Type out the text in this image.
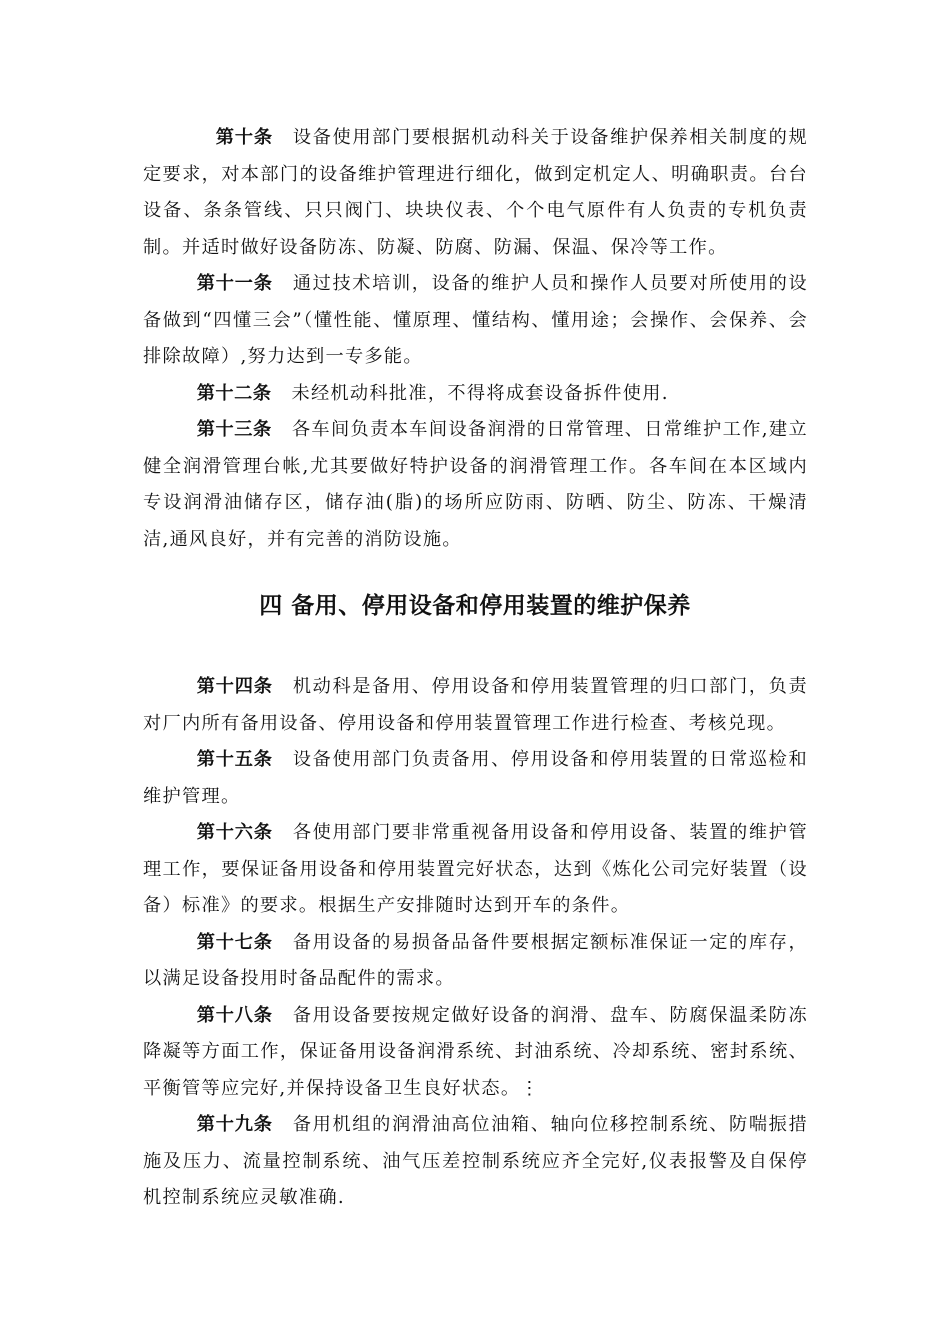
第十条 设备使用部门要根据机动科关于设备维护保养相关制度的规定要求，对本部门的设备维护管理进行细化，做到定机定人、明确职责。台台设备、条条管线、只只阀门、块块仪表、个个电气原件有人负责的专机负责制。并适时做好设备防冻、防凝、防腐、防漏、保温、保冷等工作。

第十一条 通过技术培训，设备的维护人员和操作人员要对所使用的设备做到“四懂三会”（懂性能、懂原理、懂结构、懂用途；会操作、会保养、会排除故障）,努力达到一专多能。

第十二条 未经机动科批准，不得将成套设备拆件使用.

第十三条 各车间负责本车间设备润滑的日常管理、日常维护工作,建立健全润滑管理台帐,尤其要做好特护设备的润滑管理工作。各车间在本区域内专设润滑油储存区，储存油(脂)的场所应防雨、防晒、防尘、防冻、干燥清洁,通风良好，并有完善的消防设施。

四 备用、停用设备和停用装置的维护保养

第十四条 机动科是备用、停用设备和停用装置管理的归口部门，负责对厂内所有备用设备、停用设备和停用装置管理工作进行检查、考核兑现。

第十五条 设备使用部门负责备用、停用设备和停用装置的日常巡检和维护管理。

第十六条 各使用部门要非常重视备用设备和停用设备、装置的维护管理工作，要保证备用设备和停用装置完好状态，达到《炼化公司完好装置（设备）标准》的要求。根据生产安排随时达到开车的条件。

第十七条 备用设备的易损备品备件要根据定额标准保证一定的库存，以满足设备投用时备品配件的需求。

第十八条 备用设备要按规定做好设备的润滑、盘车、防腐保温柔防冻降凝等方面工作，保证备用设备润滑系统、封油系统、冷却系统、密封系统、平衡管等应完好,并保持设备卫生良好状态。⋮

第十九条 备用机组的润滑油高位油箱、轴向位移控制系统、防喘振措施及压力、流量控制系统、油气压差控制系统应齐全完好,仪表报警及自保停机控制系统应灵敏准确.
